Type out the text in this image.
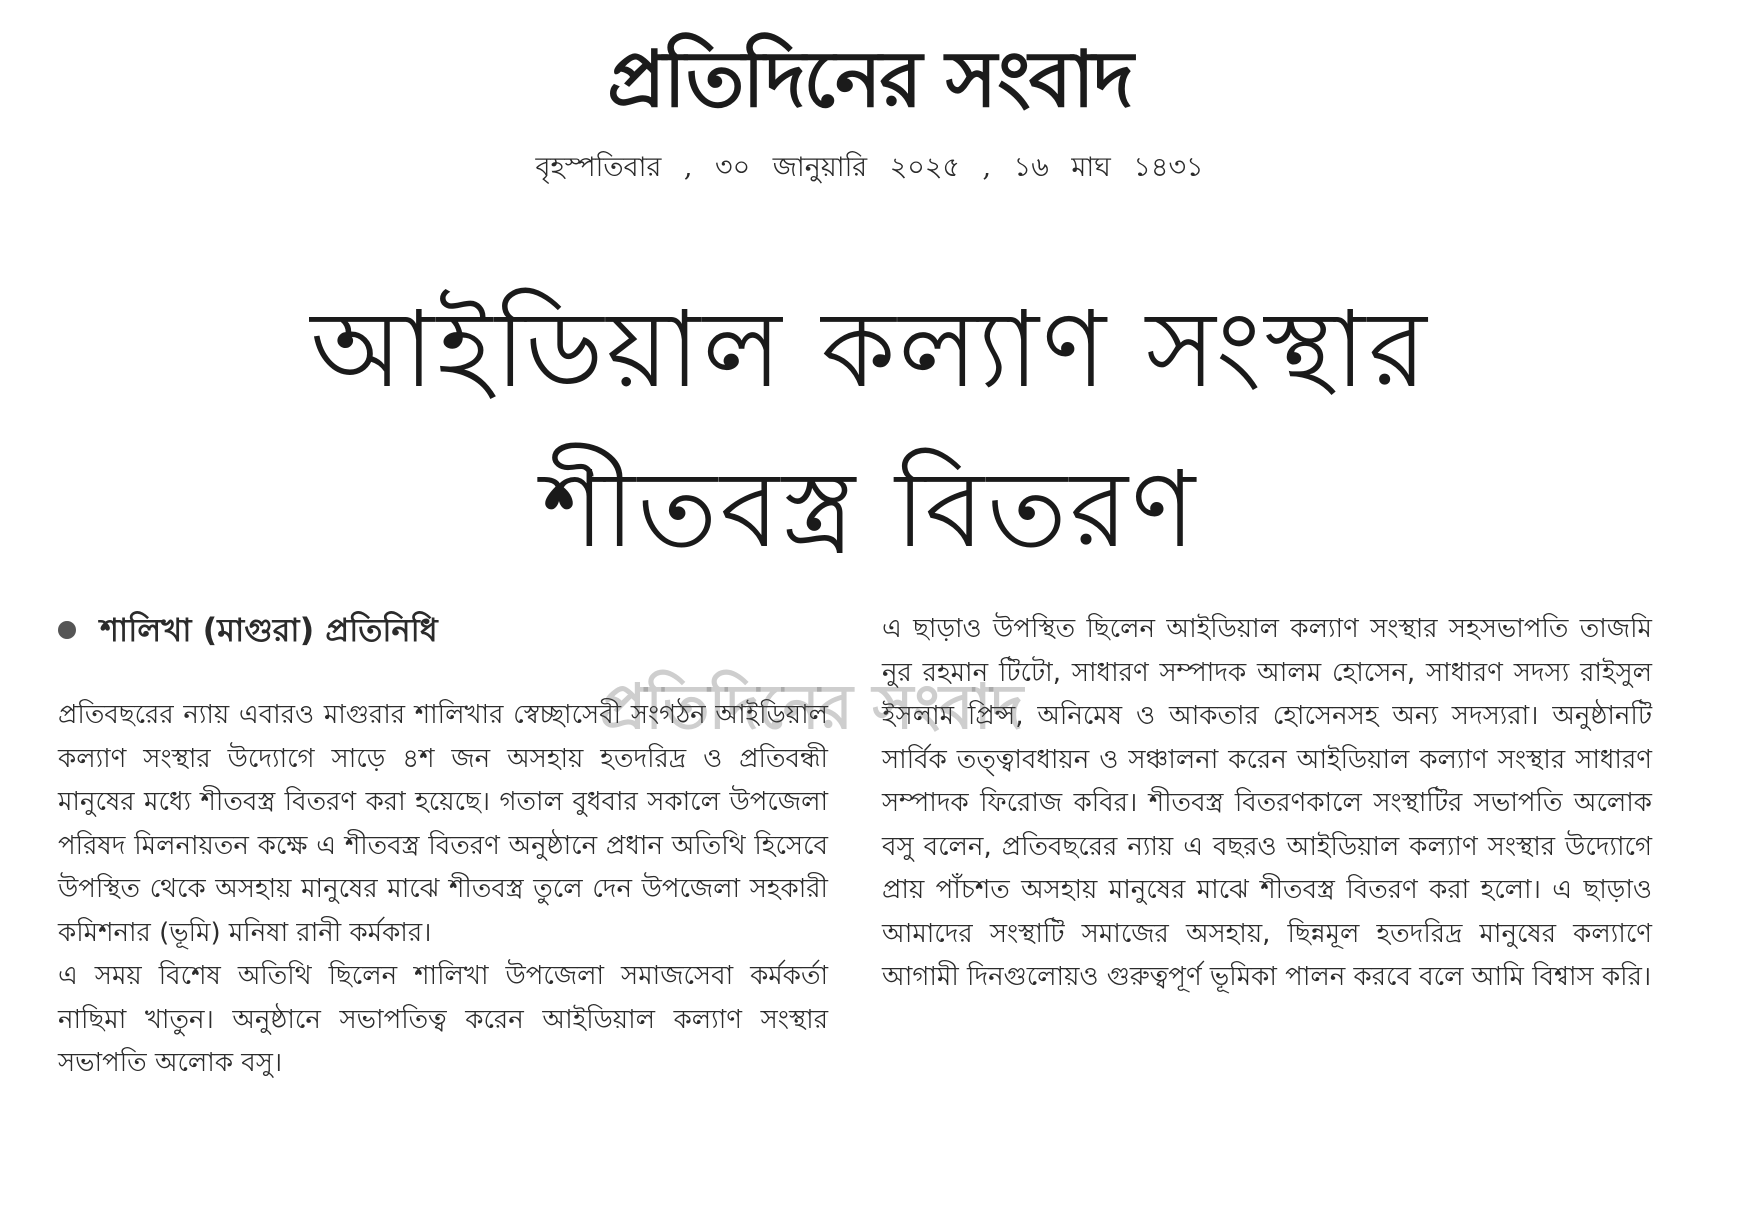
প্রতিদিনের সবাদ
বৃহস্পতিবার , ৩০ জানুয়ারি ২০২৫ , ১৬ মাঘ ১৪৩১
আইডিয়াল কল্যাণ সংস্থার
শীতবস্ত্র বিতরণ
শালিখা (মাগুরা) প্রতিনিধি

প্রতিবছরের ন্যায় এবারও মাগুরার শালিখার স্বেচ্ছাসেবী সংগঠন আইডিয়াল কল্যাণ সংস্থার উদ্যোগে সাড়ে ৪শ জন অসহায় হতদরিদ্র ও প্রতিবন্ধী মানুষের মধ্যে শীতবস্ত্র বিতরণ করা হয়েছে। গতাল বুধবার সকালে উপজেলা পরিষদ মিলনায়তন কক্ষে এ শীতবস্ত্র বিতরণ অনুষ্ঠানে প্রধান অতিথি হিসেবে উপস্থিত থেকে অসহায় মানুষের মাঝে শীতবস্ত্র তুলে দেন উপজেলা সহকারী কমিশনার (ভূমি) মনিষা রানী কর্মকার।

এ সময় বিশেষ অতিথি ছিলেন শালিখা উপজেলা সমাজসেবা কর্মকর্তা নাছিমা খাতুন। অনুষ্ঠানে সভাপতিত্ব করেন আইডিয়াল কল্যাণ সংস্থার সভাপতি অলোক বসু।

এ ছাড়াও উপস্থিত ছিলেন আইডিয়াল কল্যাণ সংস্থার সহসভাপতি তাজমি নুর রহমান টিটো, সাধারণ সম্পাদক আলম হোসেন, সাধারণ সদস্য রাইসুল ইসলাম প্রিন্স, অনিমেষ ও আকতার হোসেনসহ অন্য সদস্যরা। অনুষ্ঠানটি সার্বিক তত্ত্বাবধায়ন ও সঞ্চালনা করেন আইডিয়াল কল্যাণ সংস্থার সাধারণ সম্পাদক ফিরোজ কবির। শীতবস্ত্র বিতরণকালে সংস্থাটির সভাপতি অলোক বসু বলেন, প্রতিবছরের ন্যায় এ বছরও আইডিয়াল কল্যাণ সংস্থার উদ্যোগে প্রায় পাঁচশত অসহায় মানুষের মাঝে শীতবস্ত্র বিতরণ করা হলো। এ ছাড়াও আমাদের সংস্থাটি সমাজের অসহায়, ছিন্নমূল হতদরিদ্র মানুষের কল্যাণে আগামী দিনগুলোয়ও গুরুত্বপূর্ণ ভূমিকা পালন করবে বলে আমি বিশ্বাস করি।

প্রতিদিনের সংবাদ
